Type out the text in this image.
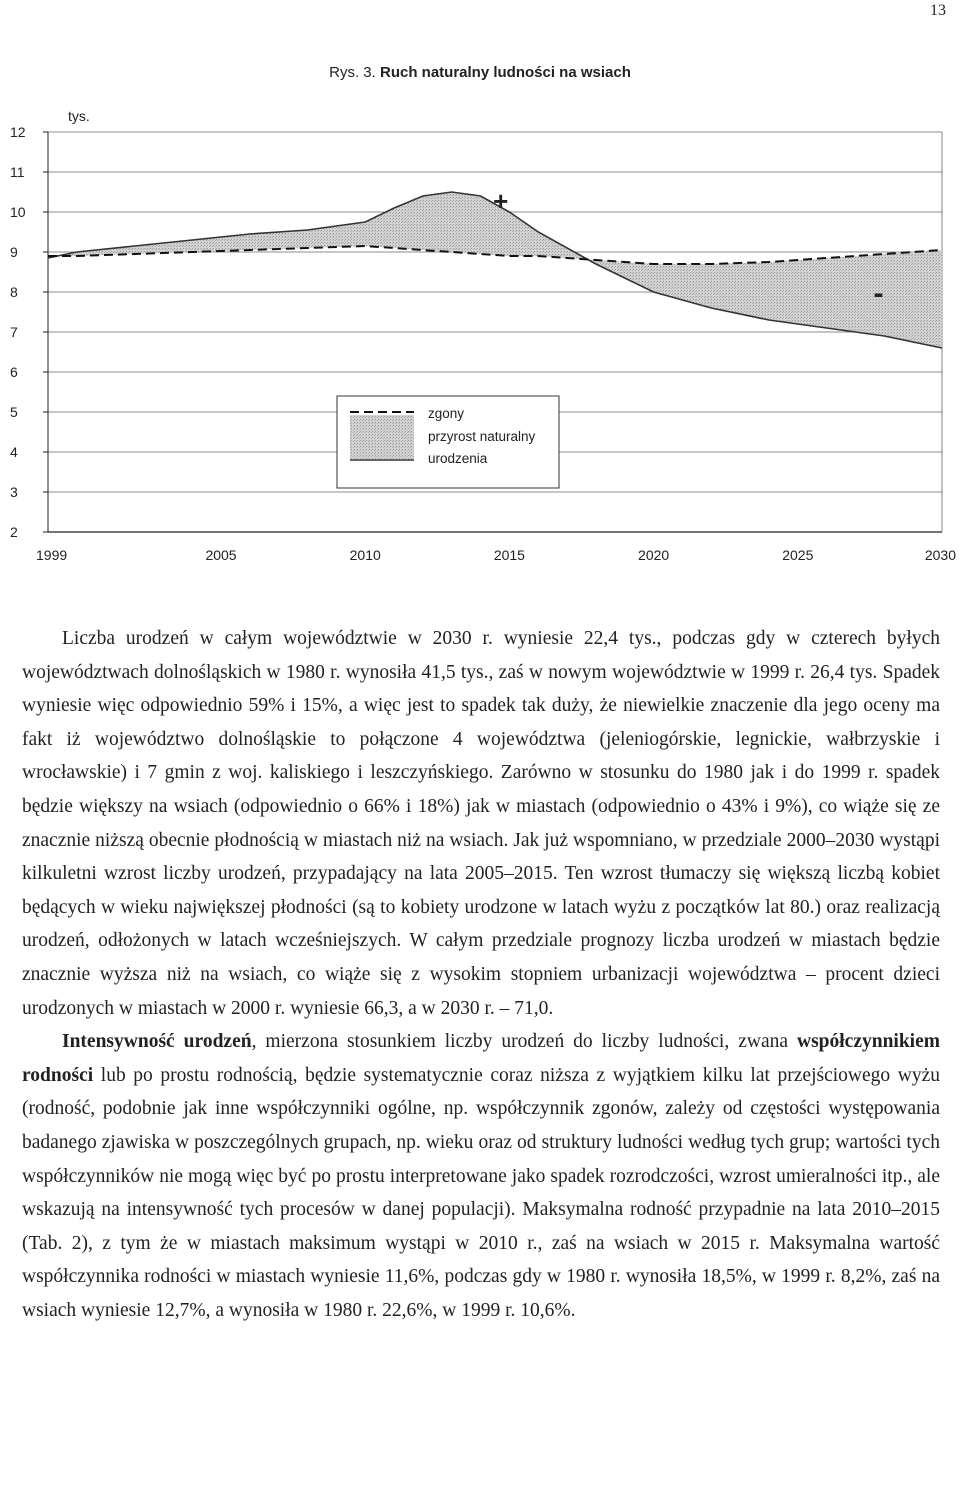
13
Rys. 3. Ruch naturalny ludności na wsiach
12
11
10
9
8
7
6
5
4
3
2
tys.
1999	2005	2010	2015	2020	2025	2030
+
-
zgony
przyrost naturalny
urodzenia

Liczba urodzeń w całym województwie w 2030 r. wyniesie 22,4 tys., podczas gdy w czterech byłych województwach dolnośląskich w 1980 r. wynosiła 41,5 tys., zaś w nowym województwie w 1999 r. 26,4 tys. Spadek wyniesie więc odpowiednio 59% i 15%, a więc jest to spadek tak duży, że niewielkie znaczenie dla jego oceny ma fakt iż województwo dolnośląskie to połączone 4 województwa (jeleniogórskie, legnickie, wałbrzyskie i wrocławskie) i 7 gmin z woj. kaliskiego i leszczyńskiego. Zarówno w stosunku do 1980 jak i do 1999 r. spadek będzie większy na wsiach (odpowiednio o 66% i 18%) jak w miastach (odpowiednio o 43% i 9%), co wiąże się ze znacznie niższą obecnie płodnością w miastach niż na wsiach. Jak już wspomniano, w przedziale 2000–2030 wystąpi kilkuletni wzrost liczby urodzeń, przypadający na lata 2005–2015. Ten wzrost tłumaczy się większą liczbą kobiet będących w wieku największej płodności (są to kobiety urodzone w latach wyżu z początków lat 80.) oraz realizacją urodzeń, odłożonych w latach wcześniejszych. W całym przedziale prognozy liczba urodzeń w miastach będzie znacznie wyższa niż na wsiach, co wiąże się z wysokim stopniem urbanizacji województwa – procent dzieci urodzonych w miastach w 2000 r. wyniesie 66,3, a w 2030 r. – 71,0.

Intensywność urodzeń, mierzona stosunkiem liczby urodzeń do liczby ludności, zwana współczynnikiem rodności lub po prostu rodnością, będzie systematycznie coraz niższa z wyjątkiem kilku lat przejściowego wyżu (rodność, podobnie jak inne współczynniki ogólne, np. współczynnik zgonów, zależy od częstości występowania badanego zjawiska w poszczególnych grupach, np. wieku oraz od struktury ludności według tych grup; wartości tych współczynników nie mogą więc być po prostu interpretowane jako spadek rozrodczości, wzrost umieralności itp., ale wskazują na intensywność tych procesów w danej populacji). Maksymalna rodność przypadnie na lata 2010–2015 (Tab. 2), z tym że w miastach maksimum wystąpi w 2010 r., zaś na wsiach w 2015 r. Maksymalna wartość współczynnika rodności w miastach wyniesie 11,6%, podczas gdy w 1980 r. wynosiła 18,5%, w 1999 r. 8,2%, zaś na wsiach wyniesie 12,7%, a wynosiła w 1980 r. 22,6%, w 1999 r. 10,6%.
